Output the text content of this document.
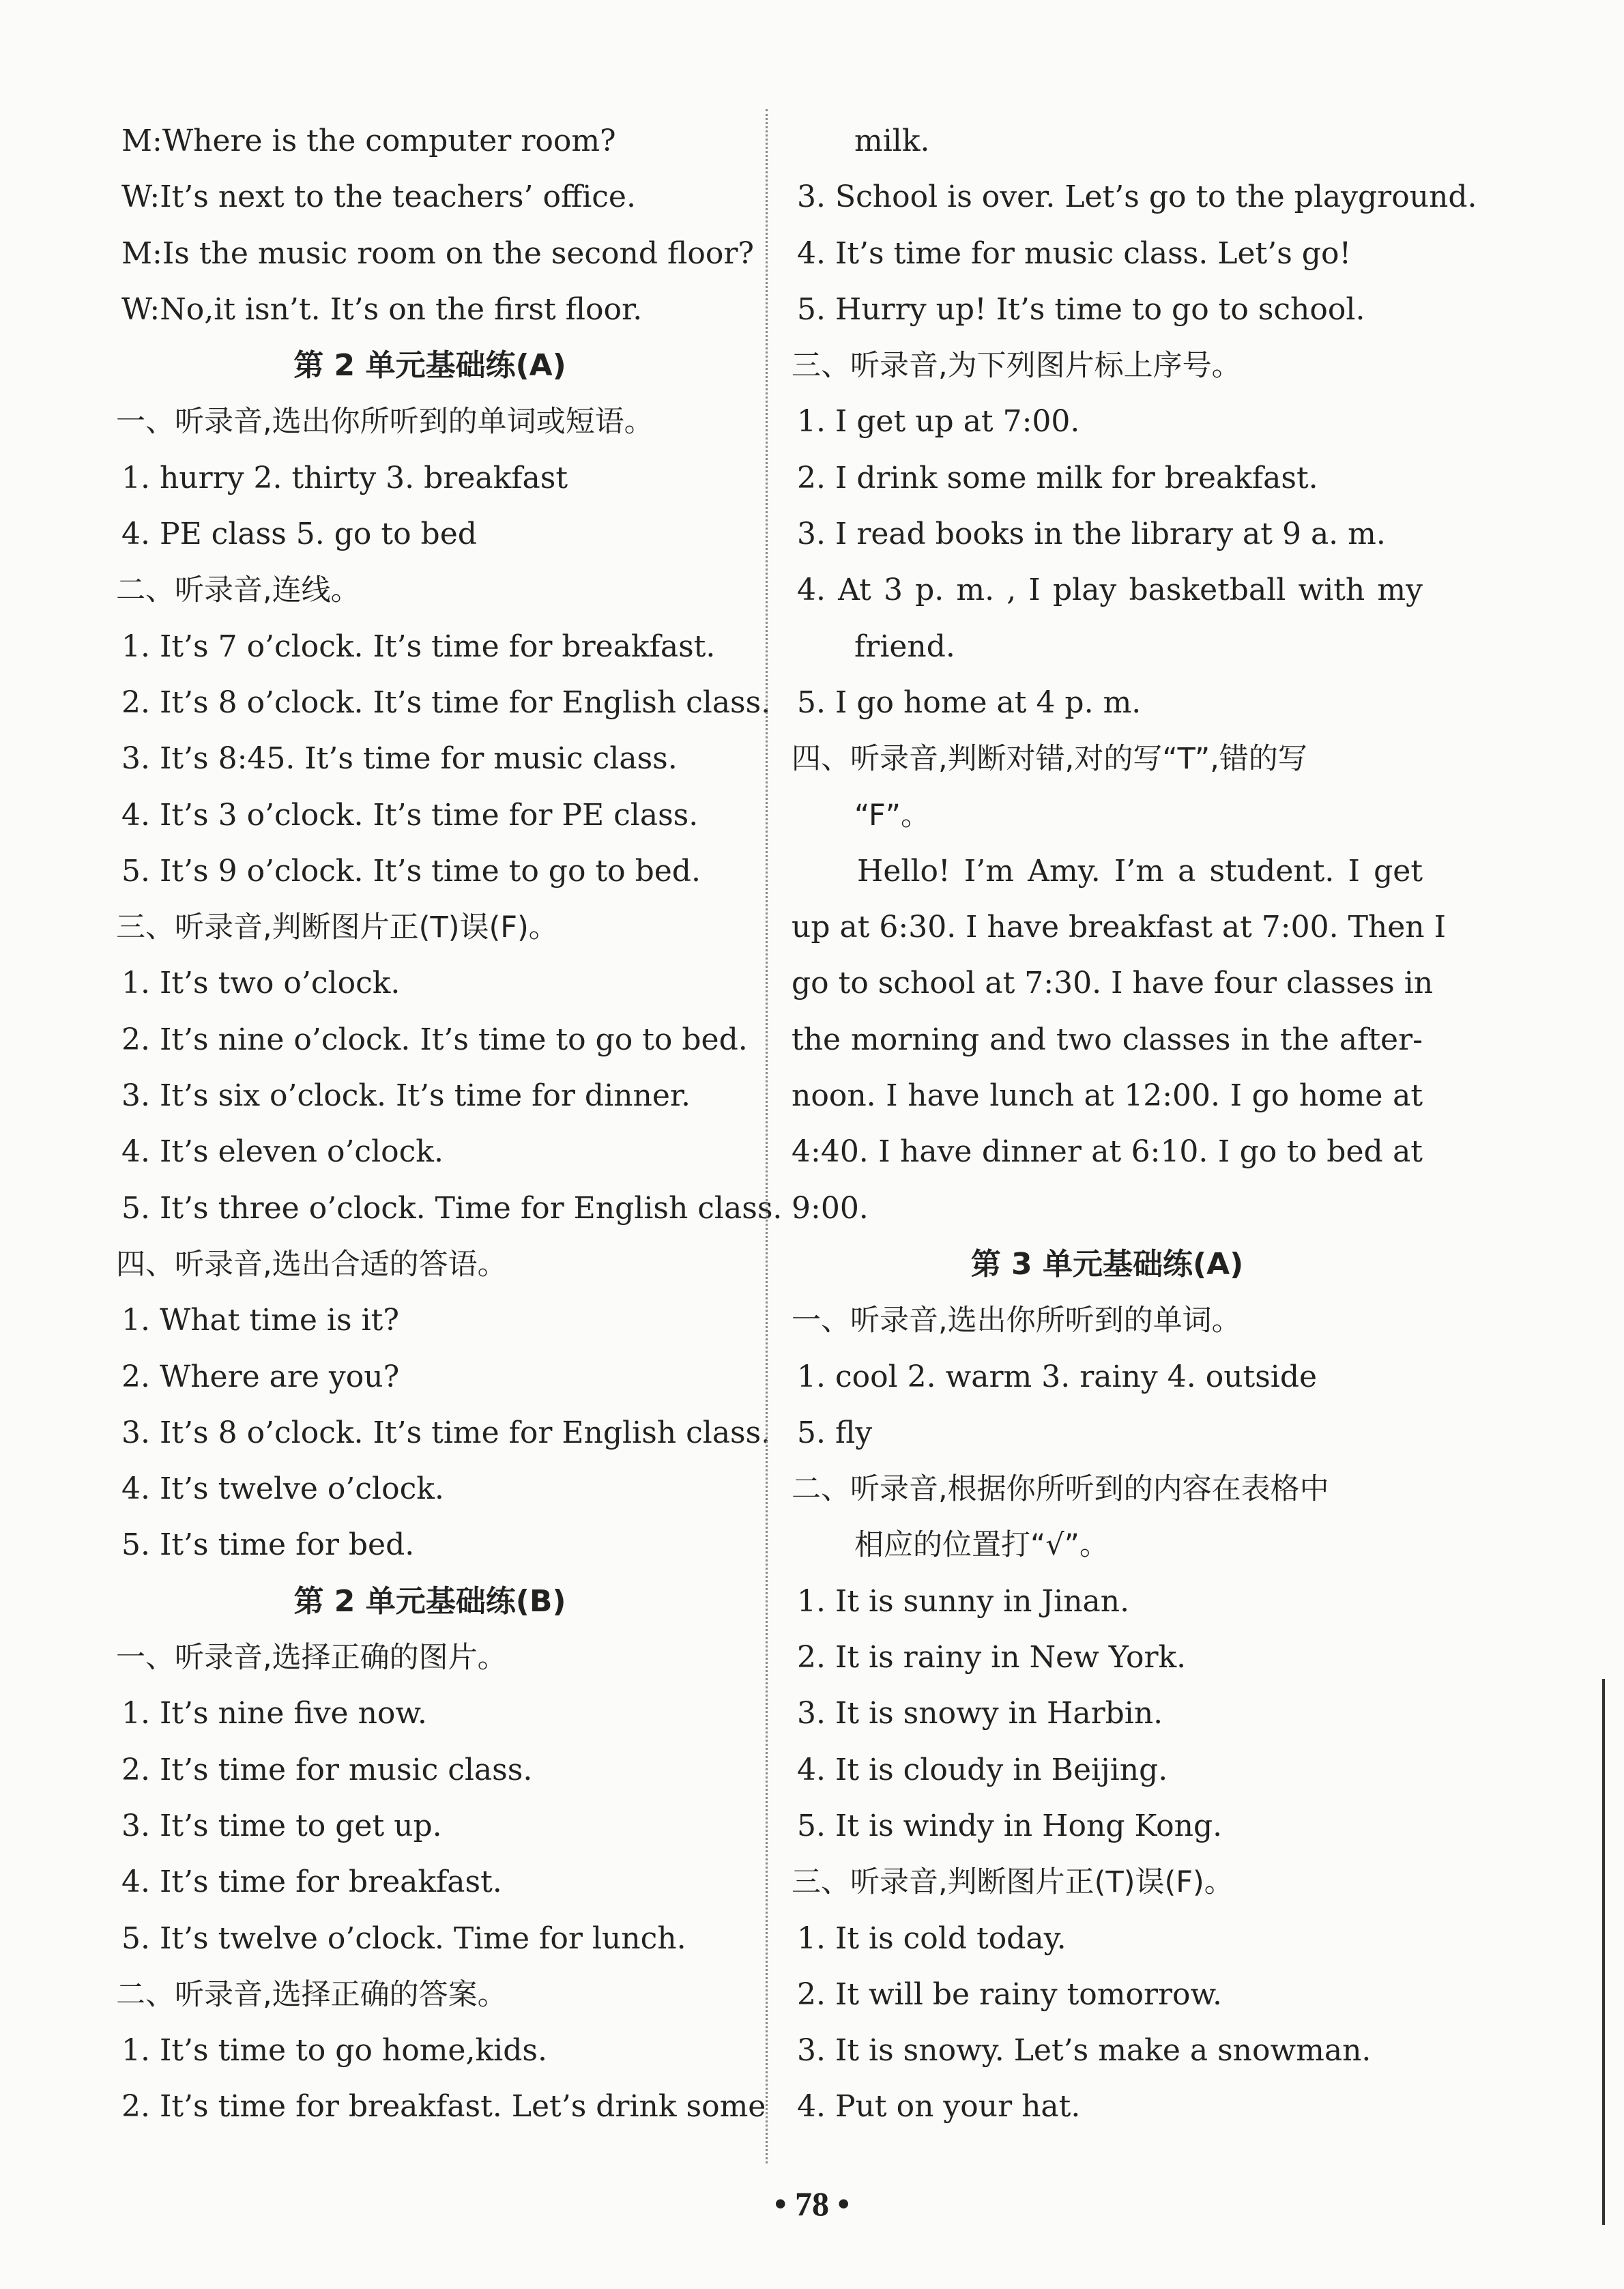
M:Where is the computer room?
W:It’s next to the teachers’ office.
M:Is the music room on the second floor?
W:No,it isn’t. It’s on the first floor.
第 2 单元基础练(A)
一、听录音,选出你所听到的单词或短语。
1. hurry 2. thirty 3. breakfast
4. PE class 5. go to bed
二、听录音,连线。
1. It’s 7 o’clock. It’s time for breakfast.
2. It’s 8 o’clock. It’s time for English class.
3. It’s 8:45. It’s time for music class.
4. It’s 3 o’clock. It’s time for PE class.
5. It’s 9 o’clock. It’s time to go to bed.
三、听录音,判断图片正(T)误(F)。
1. It’s two o’clock.
2. It’s nine o’clock. It’s time to go to bed.
3. It’s six o’clock. It’s time for dinner.
4. It’s eleven o’clock.
5. It’s three o’clock. Time for English class.
四、听录音,选出合适的答语。
1. What time is it?
2. Where are you?
3. It’s 8 o’clock. It’s time for English class.
4. It’s twelve o’clock.
5. It’s time for bed.
第 2 单元基础练(B)
一、听录音,选择正确的图片。
1. It’s nine five now.
2. It’s time for music class.
3. It’s time to get up.
4. It’s time for breakfast.
5. It’s twelve o’clock. Time for lunch.
二、听录音,选择正确的答案。
1. It’s time to go home,kids.
2. It’s time for breakfast. Let’s drink some
milk.
3. School is over. Let’s go to the playground.
4. It’s time for music class. Let’s go!
5. Hurry up! It’s time to go to school.
三、听录音,为下列图片标上序号。
1. I get up at 7:00.
2. I drink some milk for breakfast.
3. I read books in the library at 9 a. m.
4. At 3 p. m. , I play basketball with my
friend.
5. I go home at 4 p. m.
四、听录音,判断对错,对的写“T”,错的写
“F”。
Hello! I’m Amy. I’m a student. I get
up at 6:30. I have breakfast at 7:00. Then I
go to school at 7:30. I have four classes in
the morning and two classes in the after-
noon. I have lunch at 12:00. I go home at
4:40. I have dinner at 6:10. I go to bed at
9:00.
第 3 单元基础练(A)
一、听录音,选出你所听到的单词。
1. cool 2. warm 3. rainy 4. outside
5. fly
二、听录音,根据你所听到的内容在表格中
相应的位置打“√”。
1. It is sunny in Jinan.
2. It is rainy in New York.
3. It is snowy in Harbin.
4. It is cloudy in Beijing.
5. It is windy in Hong Kong.
三、听录音,判断图片正(T)误(F)。
1. It is cold today.
2. It will be rainy tomorrow.
3. It is snowy. Let’s make a snowman.
4. Put on your hat.
• 78 •
